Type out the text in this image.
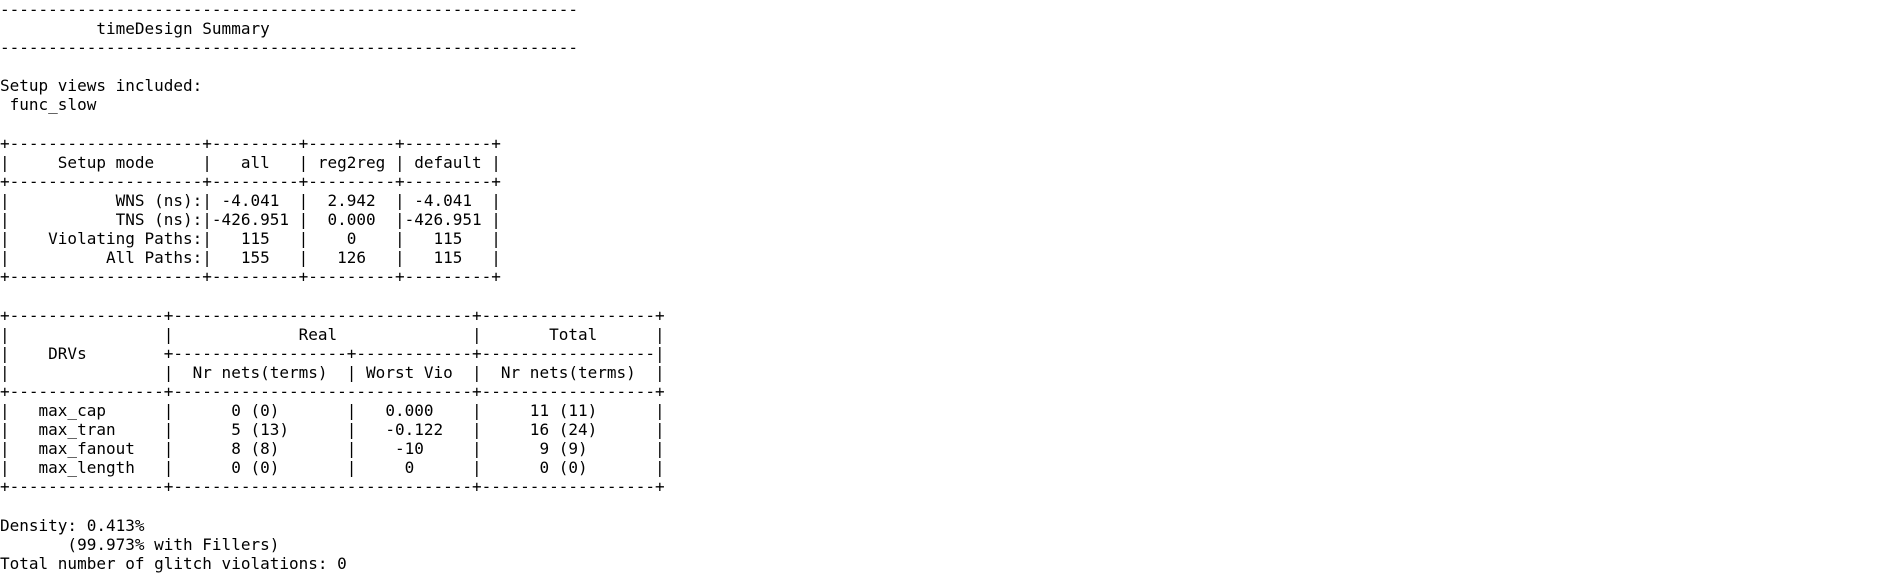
------------------------------------------------------------
timeDesign Summary
------------------------------------------------------------

Setup views included:
func_slow

+--------------------+---------+---------+---------+
|     Setup mode     |   all   | reg2reg | default |
+--------------------+---------+---------+---------+
|           WNS (ns):| -4.041  |  2.942  | -4.041  |
|           TNS (ns):|-426.951 |  0.000  |-426.951 |
|    Violating Paths:|   115   |    0    |   115   |
|          All Paths:|   155   |   126   |   115   |
+--------------------+---------+---------+---------+

+----------------+-------------------------------+------------------+
|                |             Real              |       Total      |
|    DRVs        +------------------+------------+------------------|
|                |  Nr nets(terms)  | Worst Vio  |  Nr nets(terms)  |
+----------------+-------------------------------+------------------+
|   max_cap      |      0 (0)       |   0.000    |     11 (11)      |
|   max_tran     |      5 (13)      |   -0.122   |     16 (24)      |
|   max_fanout   |      8 (8)       |    -10     |      9 (9)       |
|   max_length   |      0 (0)       |     0      |      0 (0)       |
+----------------+-------------------------------+------------------+

Density: 0.413%
(99.973% with Fillers)
Total number of glitch violations: 0
